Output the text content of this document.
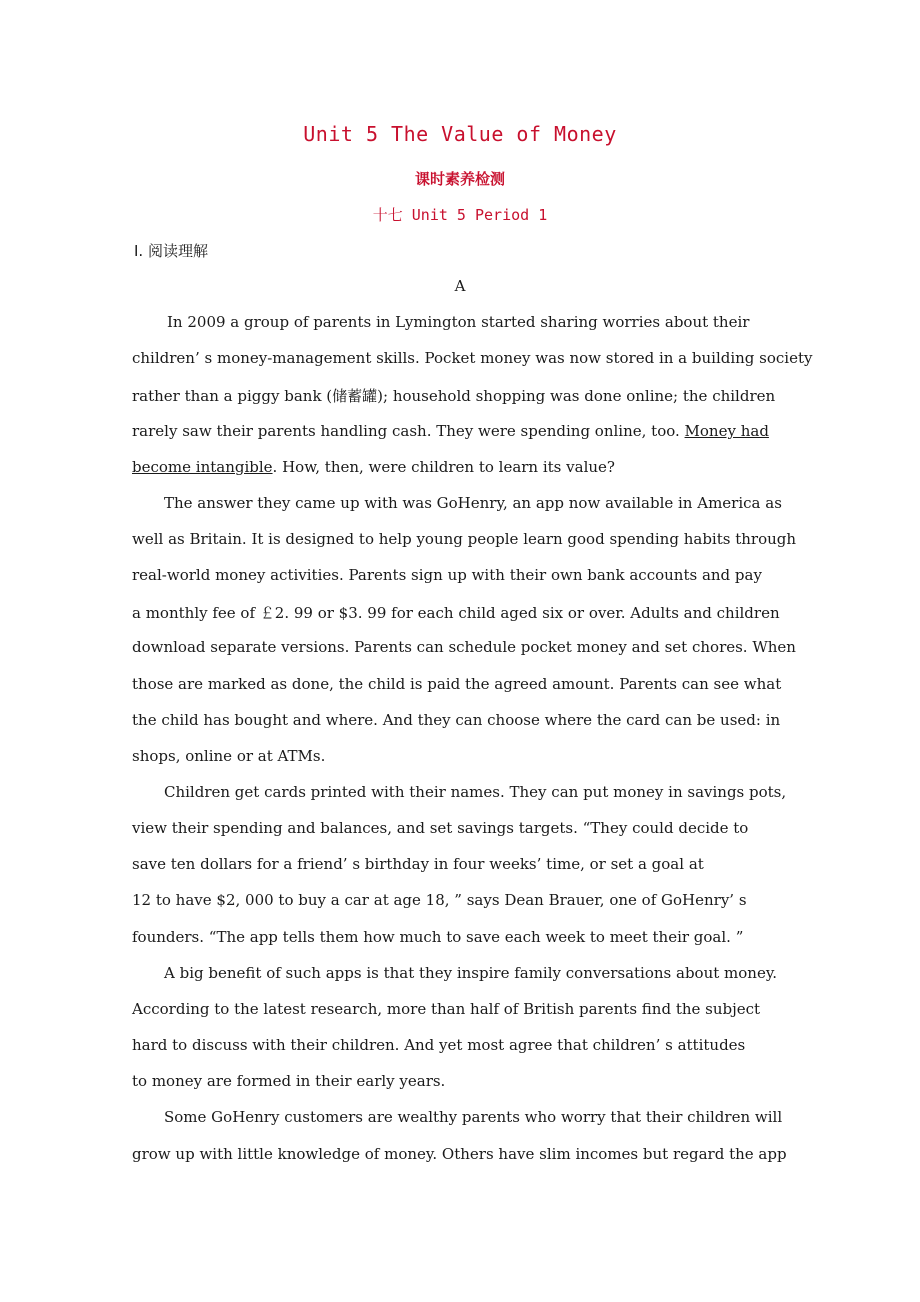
Unit 5 The Value of Money
课时素养检测
十七 Unit 5 Period 1
Ⅰ. 阅读理解
A
In 2009 a group of parents in Lymington started sharing worries about their
children’ s money-management skills. Pocket money was now stored in a building society
rather than a piggy bank (储蓄罐); household shopping was done online; the children
rarely saw their parents handling cash. They were spending online, too. Money had
become intangible. How, then, were children to learn its value?
The answer they came up with was GoHenry, an app now available in America as
well as Britain. It is designed to help young people learn good spending habits through
real-world money activities. Parents sign up with their own bank accounts and pay
a monthly fee of ￡2. 99 or $3. 99 for each child aged six or over. Adults and children
download separate versions. Parents can schedule pocket money and set chores. When
those are marked as done, the child is paid the agreed amount. Parents can see what
the child has bought and where. And they can choose where the card can be used: in
shops, online or at ATMs.
Children get cards printed with their names. They can put money in savings pots,
view their spending and balances, and set savings targets. “They could decide to
save ten dollars for a friend’ s birthday in four weeks’ time, or set a goal at
12 to have $2, 000 to buy a car at age 18, ” says Dean Brauer, one of GoHenry’ s
founders. “The app tells them how much to save each week to meet their goal. ”
A big benefit of such apps is that they inspire family conversations about money.
According to the latest research, more than half of British parents find the subject
hard to discuss with their children. And yet most agree that children’ s attitudes
to money are formed in their early years.
Some GoHenry customers are wealthy parents who worry that their children will
grow up with little knowledge of money. Others have slim incomes but regard the app
